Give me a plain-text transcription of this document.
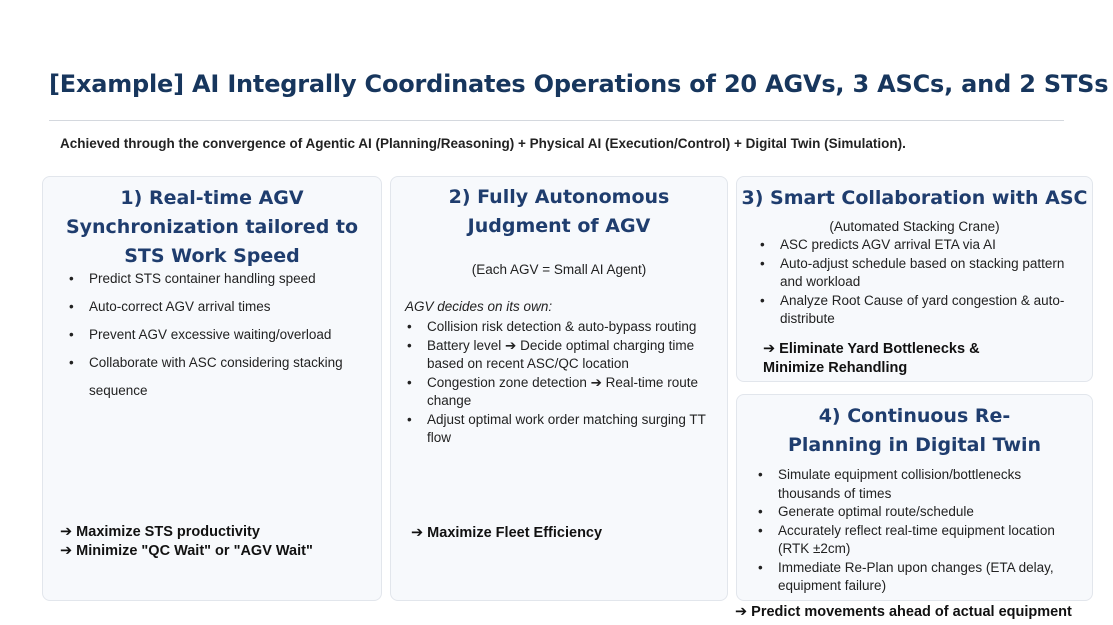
[Example] AI Integrally Coordinates Operations of 20 AGVs, 3 ASCs, and 2 STSs
Achieved through the convergence of Agentic AI (Planning/Reasoning) + Physical AI (Execution/Control) + Digital Twin (Simulation).
1) Real-time AGV Synchronization tailored to STS Work Speed
• Predict STS container handling speed
• Auto-correct AGV arrival times
• Prevent AGV excessive waiting/overload
• Collaborate with ASC considering stacking sequence
➔ Maximize STS productivity
➔ Minimize "QC Wait" or "AGV Wait"
2) Fully Autonomous Judgment of AGV
(Each AGV = Small AI Agent)
AGV decides on its own:
• Collision risk detection & auto-bypass routing
• Battery level ➔ Decide optimal charging time based on recent ASC/QC location
• Congestion zone detection ➔ Real-time route change
• Adjust optimal work order matching surging TT flow
➔ Maximize Fleet Efficiency
3) Smart Collaboration with ASC
(Automated Stacking Crane)
• ASC predicts AGV arrival ETA via AI
• Auto-adjust schedule based on stacking pattern and workload
• Analyze Root Cause of yard congestion & auto-distribute
➔ Eliminate Yard Bottlenecks & Minimize Rehandling
4) Continuous Re-Planning in Digital Twin
• Simulate equipment collision/bottlenecks thousands of times
• Generate optimal route/schedule
• Accurately reflect real-time equipment location (RTK ±2cm)
• Immediate Re-Plan upon changes (ETA delay, equipment failure)
➔ Predict movements ahead of actual equipment
